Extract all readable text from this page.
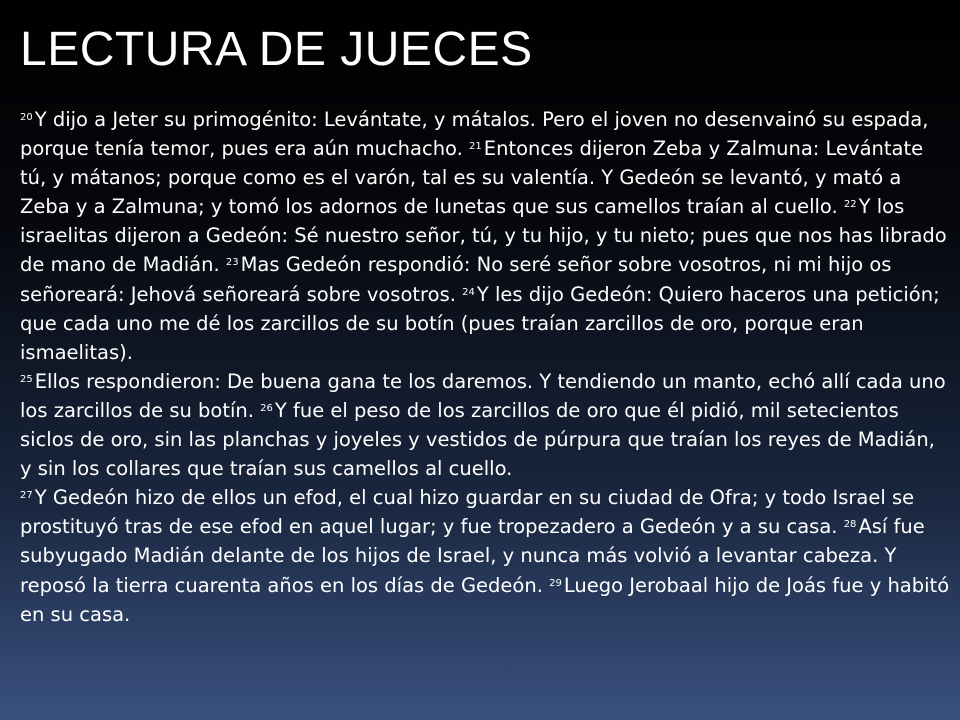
LECTURA DE JUECES

$^{20}$ Y dijo a Jeter su primogénito: Levántate, y mátalos. Pero el joven no desenvainó su espada, porque tenía temor, pues era aún muchacho. $^{21}$ Entonces dijeron Zeba y Zalmuna: Levántate tú, y mátanos; porque como es el varón, tal es su valentía. Y Gedeón se levantó, y mató a Zeba y a Zalmuna; y tomó los adornos de lunetas que sus camellos traían al cuello. $^{22}$ Y los israelitas dijeron a Gedeón: Sé nuestro señor, tú, y tu hijo, y tu nieto; pues que nos has librado de mano de Madián. $^{23}$ Mas Gedeón respondió: No seré señor sobre vosotros, ni mi hijo os señoreará: Jehová señoreará sobre vosotros. $^{24}$ Y les dijo Gedeón: Quiero haceros una petición; que cada uno me dé los zarcillos de su botín (pues traían zarcillos de oro, porque eran ismaelitas).
$^{25}$ Ellos respondieron: De buena gana te los daremos. Y tendiendo un manto, echó allí cada uno los zarcillos de su botín. $^{26}$ Y fue el peso de los zarcillos de oro que él pidió, mil setecientos siclos de oro, sin las planchas y joyeles y vestidos de púrpura que traían los reyes de Madián, y sin los collares que traían sus camellos al cuello.
$^{27}$ Y Gedeón hizo de ellos un efod, el cual hizo guardar en su ciudad de Ofra; y todo Israel se prostituyó tras de ese efod en aquel lugar; y fue tropezadero a Gedeón y a su casa. $^{28}$ Así fue subyugado Madián delante de los hijos de Israel, y nunca más volvió a levantar cabeza. Y reposó la tierra cuarenta años en los días de Gedeón. $^{29}$ Luego Jerobaal hijo de Joás fue y habitó en su casa.
